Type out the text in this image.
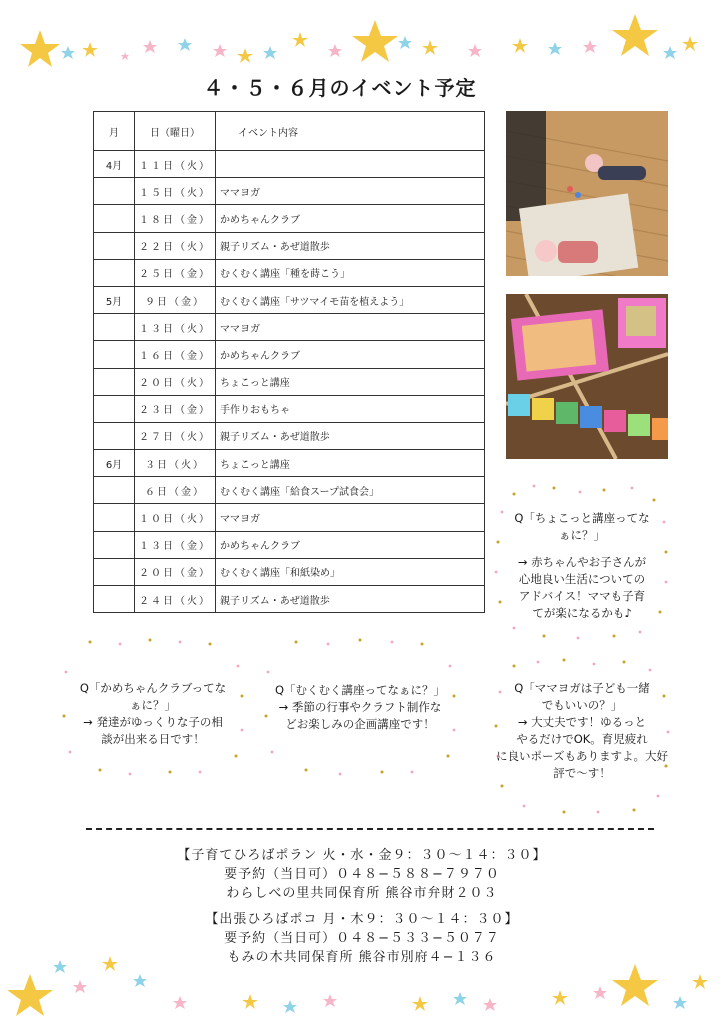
４・５・６月のイベント予定
月	日（曜日）	イベント内容
4月	１１日（火）	
	１５日（火）	ママヨガ
	１８日（金）	かめちゃんクラブ
	２２日（火）	親子リズム・あぜ道散歩
	２５日（金）	むくむく講座「種を蒔こう」
5月	９日（金）	むくむく講座「サツマイモ苗を植えよう」
	１３日（火）	ママヨガ
	１６日（金）	かめちゃんクラブ
	２０日（火）	ちょこっと講座
	２３日（金）	手作りおもちゃ
	２７日（火）	親子リズム・あぜ道散歩
6月	３日（火）	ちょこっと講座
	６日（金）	むくむく講座「給食スープ試食会」
	１０日（火）	ママヨガ
	１３日（金）	かめちゃんクラブ
	２０日（金）	むくむく講座「和紙染め」
	２４日（火）	親子リズム・あぜ道散歩

Q「ちょこっと講座ってな

ぁに？」

→ 赤ちゃんやお子さんが

心地良い生活についての

アドバイス！ママも子育

てが楽になるかも♪

Q「かめちゃんクラブってな

ぁに？」

→ 発達がゆっくりな子の相

談が出来る日です！

Q「むくむく講座ってなぁに？」

→ 季節の行事やクラフト制作な

どお楽しみの企画講座です！

Q「ママヨガは子ども一緒

でもいいの？」

→ 大丈夫です！ゆるっと

やるだけでOK。育児疲れ

に良いポーズもありますよ。大好評で〜す！

【子育てひろばポラン 火・水・金９：３０〜１４：３０】

要予約（当日可）０４８−５８８−７９７０

わらしべの里共同保育所 熊谷市弁財２０３

【出張ひろばポコ 月・木９：３０〜１４：３０】

要予約（当日可）０４８−５３３−５０７７

もみの木共同保育所 熊谷市別府４−１３６
